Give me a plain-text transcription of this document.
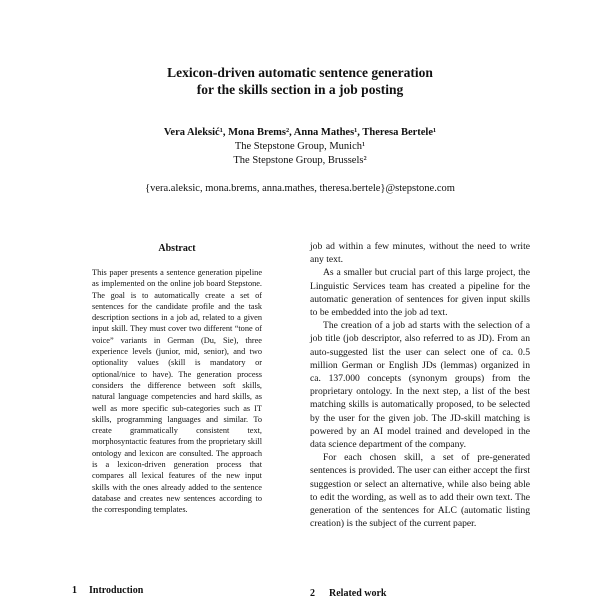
Lexicon-driven automatic sentence generation
for the skills section in a job posting
Vera Aleksić¹, Mona Brems², Anna Mathes¹, Theresa Bertele¹
The Stepstone Group, Munich¹
The Stepstone Group, Brussels²
{vera.aleksic, mona.brems, anna.mathes, theresa.bertele}@stepstone.com
Abstract
This paper presents a sentence generation pipeline as implemented on the online job board Stepstone. The goal is to automatically create a set of sentences for the candidate profile and the task description sections in a job ad, related to a given input skill. They must cover two different “tone of voice” variants in German (Du, Sie), three experience levels (junior, mid, senior), and two optionality values (skill is mandatory or optional/nice to have). The generation process considers the difference between soft skills, natural language competencies and hard skills, as well as more specific sub-categories such as IT skills, programming languages and similar. To create grammatically consistent text, morphosyntactic features from the proprietary skill ontology and lexicon are consulted. The approach is a lexicon-driven generation process that compares all lexical features of the new input skills with the ones already added to the sentence database and creates new sentences according to the corresponding templates.
1 Introduction

job ad within a few minutes, without the need to write any text.

As a smaller but crucial part of this large project, the Linguistic Services team has created a pipeline for the automatic generation of sentences for given input skills to be embedded into the job ad text.

The creation of a job ad starts with the selection of a job title (job descriptor, also referred to as JD). From an auto-suggested list the user can select one of ca. 0.5 million German or English JDs (lemmas) organized in ca. 137.000 concepts (synonym groups) from the proprietary ontology. In the next step, a list of the best matching skills is automatically proposed, to be selected by the user for the given job. The JD-skill matching is powered by an AI model trained and developed in the data science department of the company.

For each chosen skill, a set of pre-generated sentences is provided. The user can either accept the first suggestion or select an alternative, while also being able to edit the wording, as well as to add their own text. The generation of the sentences for ALC (automatic listing creation) is the subject of the current paper.

2 Related work
